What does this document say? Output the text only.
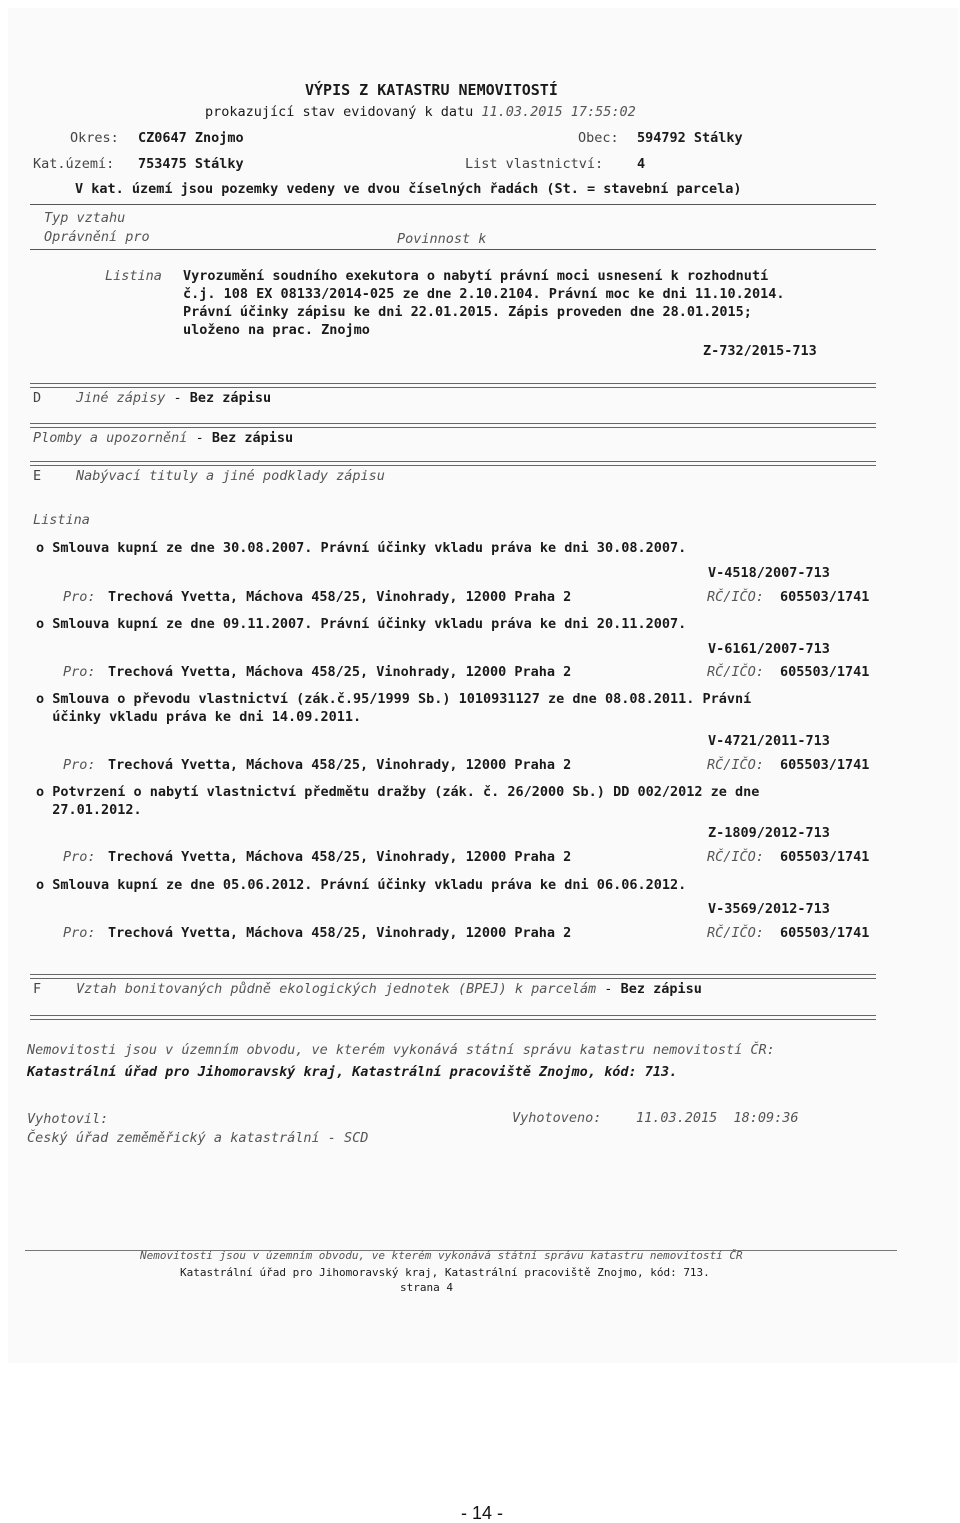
VÝPIS Z KATASTRU NEMOVITOSTÍ
prokazující stav evidovaný k datu 11.03.2015 17:55:02
Okres: CZ0647 Znojmo	Obec: 594792 Stálky
Kat.území: 753475 Stálky	List vlastnictví:	4
V kat. území jsou pozemky vedeny ve dvou číselných řadách (St. = stavební parcela)
Typ vztahu
Oprávnění pro	Povinnost k
Listina Vyrozumění soudního exekutora o nabytí právní moci usnesení k rozhodnutí
č.j. 108 EX 08133/2014-025 ze dne 2.10.2104. Právní moc ke dni 11.10.2014.
Právní účinky zápisu ke dni 22.01.2015. Zápis proveden dne 28.01.2015;
uloženo na prac. Znojmo
Z-732/2015-713
D	Jiné zápisy - Bez zápisu
Plomby a upozornění - Bez zápisu
E	Nabývací tituly a jiné podklady zápisu
Listina
o Smlouva kupní ze dne 30.08.2007. Právní účinky vkladu práva ke dni 30.08.2007.
V-4518/2007-713
Pro: Trechová Yvetta, Máchova 458/25, Vinohrady, 12000 Praha 2	RČ/IČO: 605503/1741
o Smlouva kupní ze dne 09.11.2007. Právní účinky vkladu práva ke dni 20.11.2007.
V-6161/2007-713
Pro: Trechová Yvetta, Máchova 458/25, Vinohrady, 12000 Praha 2	RČ/IČO: 605503/1741
o Smlouva o převodu vlastnictví (zák.č.95/1999 Sb.) 1010931127 ze dne 08.08.2011. Právní
účinky vkladu práva ke dni 14.09.2011.
V-4721/2011-713
Pro: Trechová Yvetta, Máchova 458/25, Vinohrady, 12000 Praha 2	RČ/IČO: 605503/1741
o Potvrzení o nabytí vlastnictví předmětu dražby (zák. č. 26/2000 Sb.) DD 002/2012 ze dne
27.01.2012.
Z-1809/2012-713
Pro: Trechová Yvetta, Máchova 458/25, Vinohrady, 12000 Praha 2	RČ/IČO: 605503/1741
o Smlouva kupní ze dne 05.06.2012. Právní účinky vkladu práva ke dni 06.06.2012.
V-3569/2012-713
Pro: Trechová Yvetta, Máchova 458/25, Vinohrady, 12000 Praha 2	RČ/IČO: 605503/1741
F	Vztah bonitovaných půdně ekologických jednotek (BPEJ) k parcelám - Bez zápisu
Nemovitosti jsou v územním obvodu, ve kterém vykonává státní správu katastru nemovitostí ČR:
Katastrální úřad pro Jihomoravský kraj, Katastrální pracoviště Znojmo, kód: 713.
Vyhotovil:
Český úřad zeměměřický a katastrální - SCD
Vyhotoveno:	11.03.2015  18:09:36
Nemovitosti jsou v územním obvodu, ve kterém vykonává státní správu katastru nemovitostí ČR
Katastrální úřad pro Jihomoravský kraj, Katastrální pracoviště Znojmo, kód: 713.
strana 4
- 14 -
